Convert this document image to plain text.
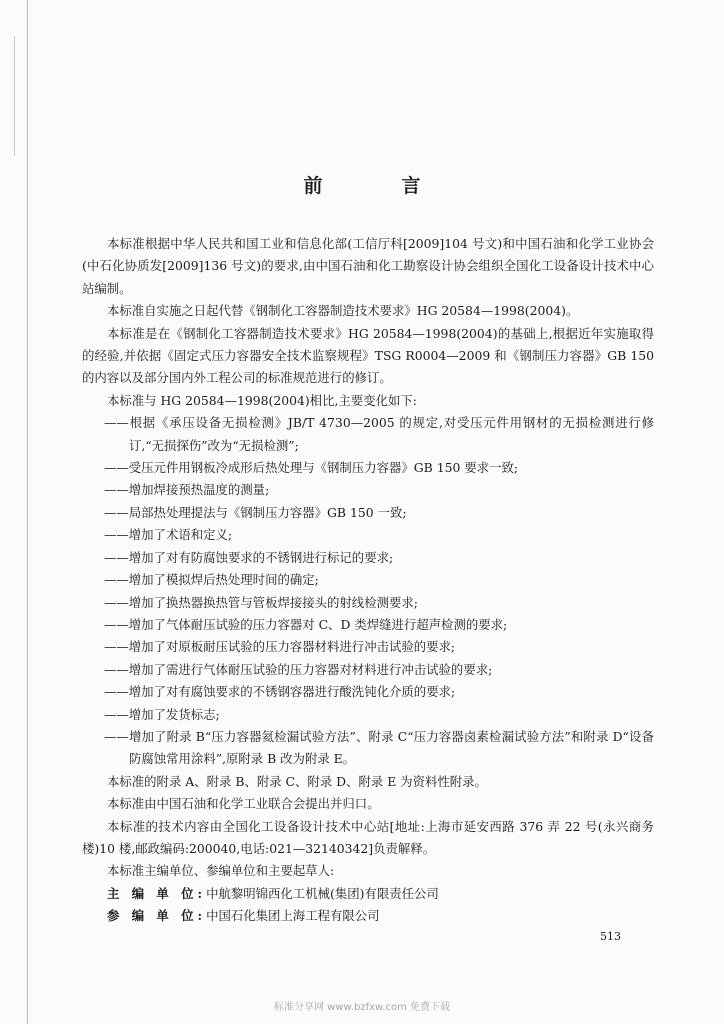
前　言

本标准根据中华人民共和国工业和信息化部(工信厅科[2009]104 号文)和中国石油和化学工业协会(中石化协质发[2009]136 号文)的要求,由中国石油和化工勘察设计协会组织全国化工设备设计技术中心站编制。

本标准自实施之日起代替《钢制化工容器制造技术要求》HG 20584—1998(2004)。

本标准是在《钢制化工容器制造技术要求》HG 20584—1998(2004)的基础上,根据近年实施取得的经验,并依据《固定式压力容器安全技术监察规程》TSG R0004—2009 和《钢制压力容器》GB 150 的内容以及部分国内外工程公司的标准规范进行的修订。

本标准与 HG 20584—1998(2004)相比,主要变化如下:

——根据《承压设备无损检测》JB/T 4730—2005 的规定,对受压元件用钢材的无损检测进行修订,“无损探伤”改为“无损检测”;

——受压元件用钢板冷成形后热处理与《钢制压力容器》GB 150 要求一致;

——增加焊接预热温度的测量;

——局部热处理提法与《钢制压力容器》GB 150 一致;

——增加了术语和定义;

——增加了对有防腐蚀要求的不锈钢进行标记的要求;

——增加了模拟焊后热处理时间的确定;

——增加了换热器换热管与管板焊接接头的射线检测要求;

——增加了气体耐压试验的压力容器对 C、D 类焊缝进行超声检测的要求;

——增加了对原板耐压试验的压力容器材料进行冲击试验的要求;

——增加了需进行气体耐压试验的压力容器对材料进行冲击试验的要求;

——增加了对有腐蚀要求的不锈钢容器进行酸洗钝化介质的要求;

——增加了发货标志;

——增加了附录 B“压力容器氦检漏试验方法”、附录 C“压力容器卤素检漏试验方法”和附录 D“设备防腐蚀常用涂料”,原附录 B 改为附录 E。

本标准的附录 A、附录 B、附录 C、附录 D、附录 E 为资料性附录。

本标准由中国石油和化学工业联合会提出并归口。

本标准的技术内容由全国化工设备设计技术中心站[地址:上海市延安西路 376 弄 22 号(永兴商务楼)10 楼,邮政编码:200040,电话:021—32140342]负责解释。

本标准主编单位、参编单位和主要起草人:

主 编 单 位:中航黎明锦西化工机械(集团)有限责任公司

参 编 单 位:中国石化集团上海工程有限公司

513
标准分享网 www.bzfxw.com 免费下载
